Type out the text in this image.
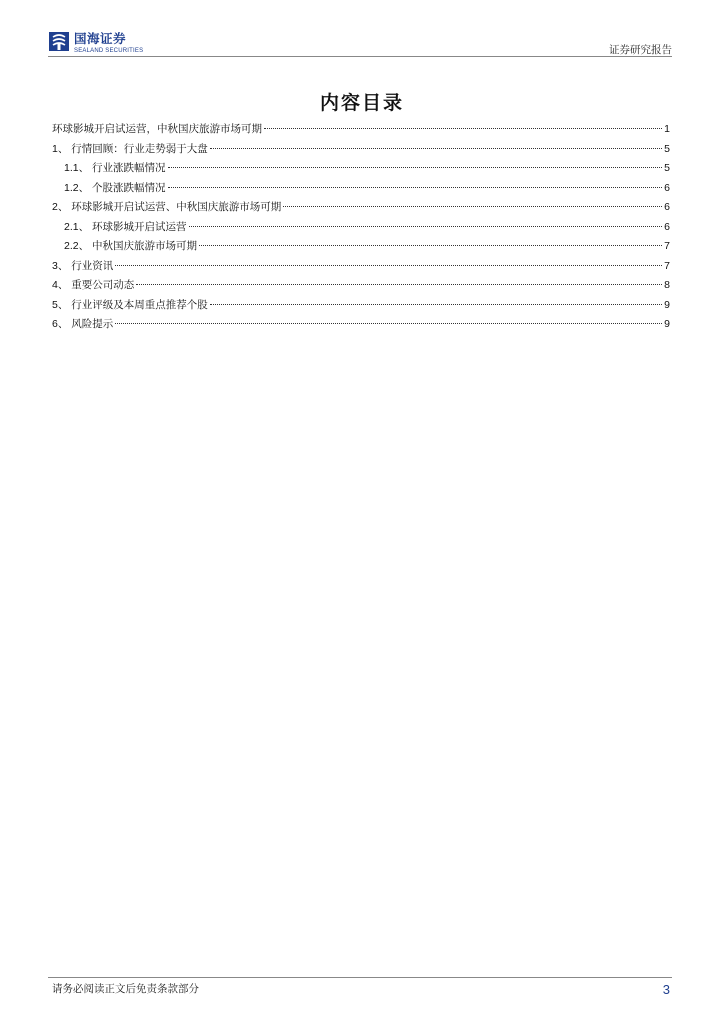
国海证券
SEALAND SECURITIES	证券研究报告
内容目录
环球影城开启试运营，中秋国庆旅游市场可期	1
1、 行情回顾：行业走势弱于大盘	5
1.1、 行业涨跌幅情况	5
1.2、 个股涨跌幅情况	6
2、 环球影城开启试运营、中秋国庆旅游市场可期	6
2.1、 环球影城开启试运营	6
2.2、 中秋国庆旅游市场可期	7
3、 行业资讯	7
4、 重要公司动态	8
5、 行业评级及本周重点推荐个股	9
6、 风险提示	9
请务必阅读正文后免责条款部分	3
